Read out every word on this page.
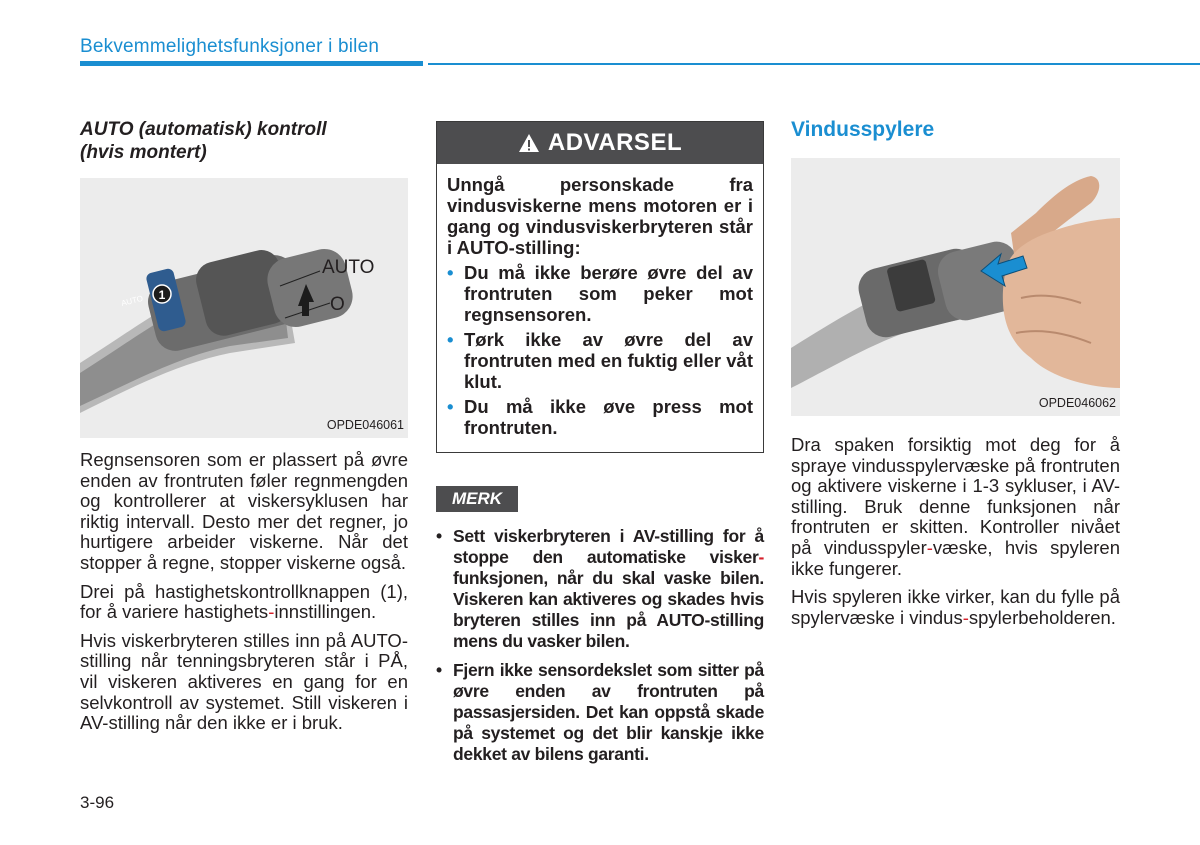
Bekvemmelighetsfunksjoner i bilen
AUTO (automatisk) kontroll
(hvis montert)
1
AUTO
AUTO
O
OPDE046061

Regnsensoren som er plassert på øvre enden av frontruten føler regnmengden og kontrollerer at viskersyklusen har riktig intervall. Desto mer det regner, jo hurtigere arbeider viskerne. Når det stopper å regne, stopper viskerne også.

Drei på hastighetskontrollknappen (1), for å variere hastighets-innstillingen.

Hvis viskerbryteren stilles inn på AUTO- stilling når tenningsbryteren står i PÅ, vil viskeren aktiveres en gang for en selvkontroll av systemet. Still viskeren i AV-stilling når den ikke er i bruk.

ADVARSEL

Unngå personskade fra vindusviskerne mens motoren er i gang og vindusviskerbryteren står i AUTO-stilling:

• Du må ikke berøre øvre del av frontruten som peker mot regnsensoren.
• Tørk ikke av øvre del av frontruten med en fuktig eller våt klut.
• Du må ikke øve press mot frontruten.
MERK
• Sett viskerbryteren i AV-stilling for å stoppe den automatiske visker-funksjonen, når du skal vaske bilen. Viskeren kan aktiveres og skades hvis bryteren stilles inn på AUTO-stilling mens du vasker bilen.
• Fjern ikke sensordekslet som sitter på øvre enden av frontruten på passasjersiden. Det kan oppstå skade på systemet og det blir kanskje ikke dekket av bilens garanti.
Vindusspylere
OPDE046062

Dra spaken forsiktig mot deg for å spraye vindusspylervæske på frontruten og aktivere viskerne i 1-3 sykluser, i AV-stilling. Bruk denne funksjonen når frontruten er skitten. Kontroller nivået på vindusspyler-væske, hvis spyleren ikke fungerer.

Hvis spyleren ikke virker, kan du fylle på spylervæske i vindus-spylerbeholderen.

3-96
